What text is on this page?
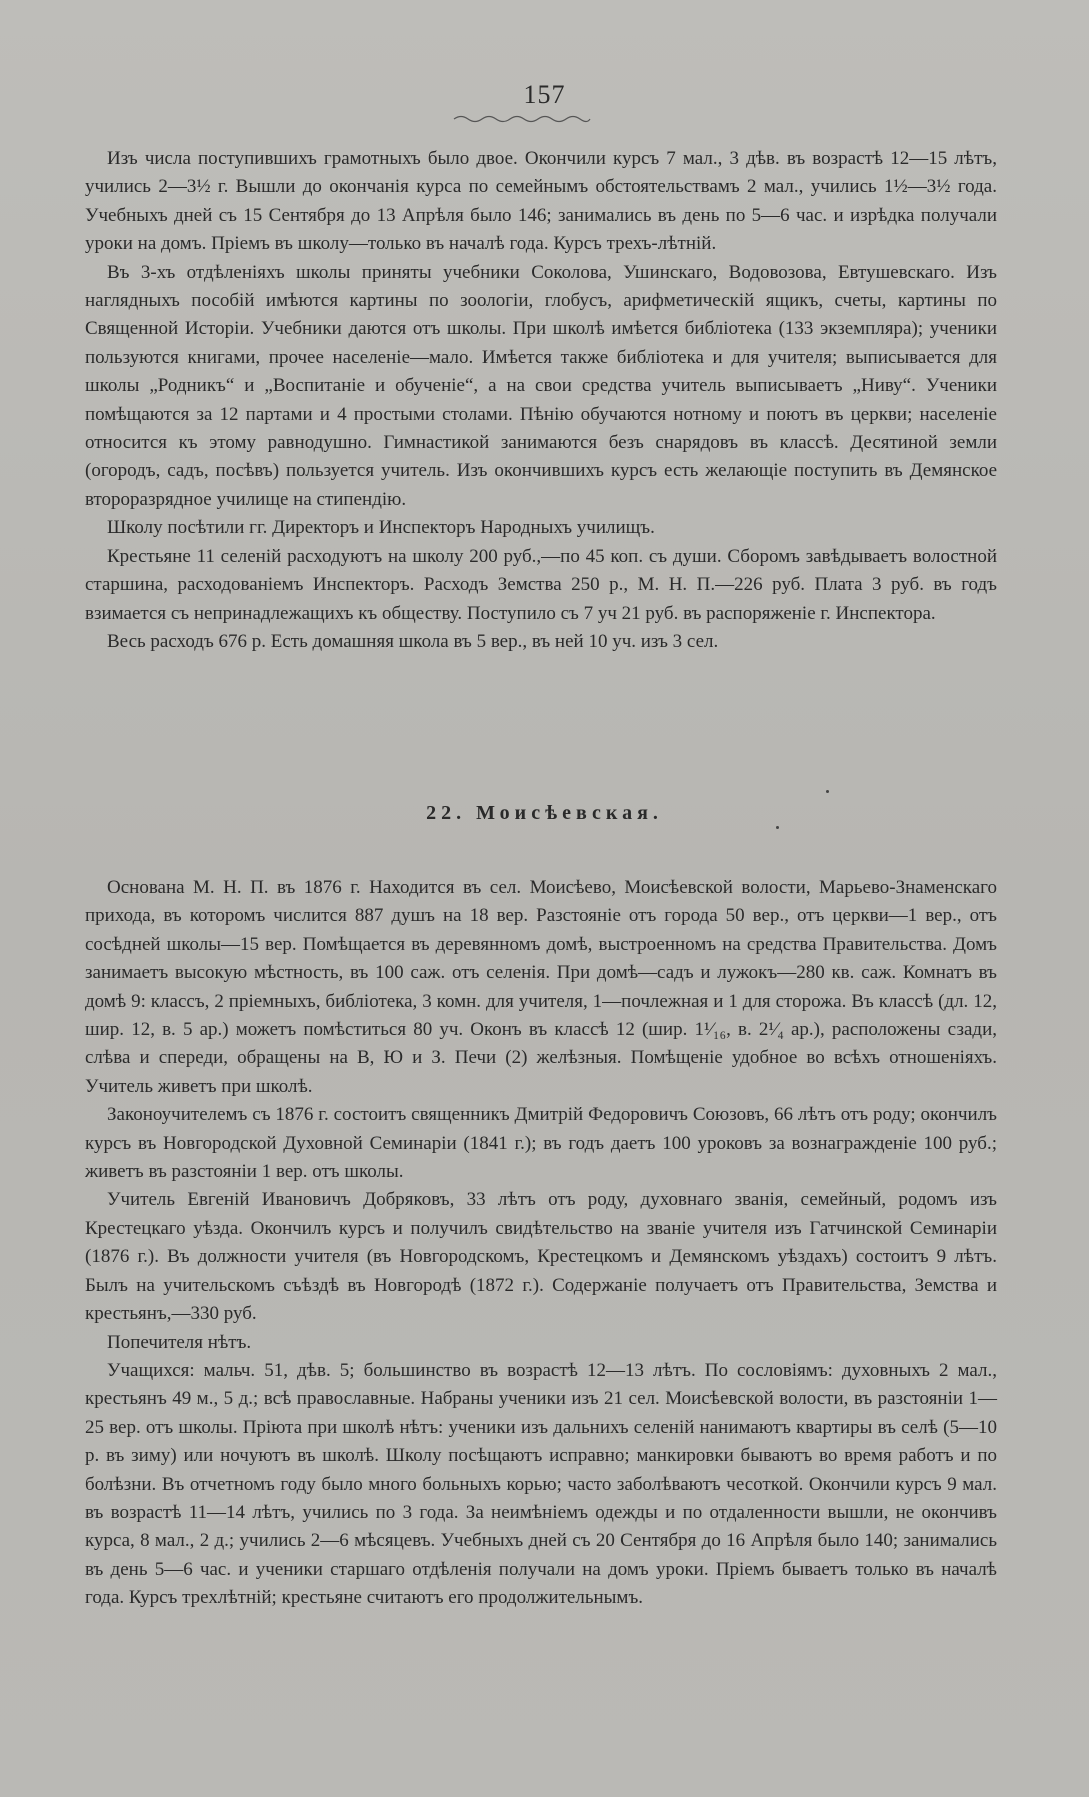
157

Изъ числа поступившихъ грамотныхъ было двое. Окончили курсъ 7 мал., 3 дѣв. въ возрастѣ 12—15 лѣтъ, учились 2—3½ г. Вышли до окончанія курса по семейнымъ обстоятельствамъ 2 мал., учились 1½—3½ года. Учебныхъ дней съ 15 Сентября до 13 Апрѣля было 146; занимались въ день по 5—6 час. и изрѣдка получали уроки на домъ. Пріемъ въ школу—только въ началѣ года. Курсъ трехъ-лѣтній.

Въ 3-хъ отдѣленіяхъ школы приняты учебники Соколова, Ушинскаго, Водовозова, Евтушевскаго. Изъ наглядныхъ пособій имѣются картины по зоологіи, глобусъ, арифметическій ящикъ, счеты, картины по Священной Исторіи. Учебники даются отъ школы. При школѣ имѣется библіотека (133 экземпляра); ученики пользуются книгами, прочее населеніе—мало. Имѣется также библіотека и для учителя; выписывается для школы „Родникъ“ и „Воспитаніе и обученіе“, а на свои средства учитель выписываетъ „Ниву“. Ученики помѣщаются за 12 партами и 4 простыми столами. Пѣнію обучаются нотному и поютъ въ церкви; населеніе относится къ этому равнодушно. Гимнастикой занимаются безъ снарядовъ въ классѣ. Десятиной земли (огородъ, садъ, посѣвъ) пользуется учитель. Изъ окончившихъ курсъ есть желающіе поступить въ Демянское второразрядное училище на стипендію.

Школу посѣтили гг. Директоръ и Инспекторъ Народныхъ училищъ.

Крестьяне 11 селеній расходуютъ на школу 200 руб.,—по 45 коп. съ души. Сборомъ завѣдываетъ волостной старшина, расходованіемъ Инспекторъ. Расходъ Земства 250 р., М. Н. П.—226 руб. Плата 3 руб. въ годъ взимается съ непринадлежащихъ къ обществу. Поступило съ 7 уч 21 руб. въ распоряженіе г. Инспектора.

Весь расходъ 676 р. Есть домашняя школа въ 5 вер., въ ней 10 уч. изъ 3 сел.

22. Моисѣевская.

Основана М. Н. П. въ 1876 г. Находится въ сел. Моисѣево, Моисѣевской волости, Марьево-Знаменскаго прихода, въ которомъ числится 887 душъ на 18 вер. Разстояніе отъ города 50 вер., отъ церкви—1 вер., отъ сосѣдней школы—15 вер. Помѣщается въ деревянномъ домѣ, выстроенномъ на средства Правительства. Домъ занимаетъ высокую мѣстность, въ 100 саж. отъ селенія. При домѣ—садъ и лужокъ—280 кв. саж. Комнатъ въ домѣ 9: классъ, 2 пріемныхъ, библіотека, 3 комн. для учителя, 1—почлежная и 1 для сторожа. Въ классѣ (дл. 12, шир. 12, в. 5 ар.) можетъ помѣститься 80 уч. Оконъ въ классѣ 12 (шир. 1¹⁄₁₆, в. 2¹⁄₄ ар.), расположены сзади, слѣва и спереди, обращены на В, Ю и З. Печи (2) желѣзныя. Помѣщеніе удобное во всѣхъ отношеніяхъ. Учитель живетъ при школѣ.

Законоучителемъ съ 1876 г. состоитъ священникъ Дмитрій Федоровичъ Союзовъ, 66 лѣтъ отъ роду; окончилъ курсъ въ Новгородской Духовной Семинаріи (1841 г.); въ годъ даетъ 100 уроковъ за вознагражденіе 100 руб.; живетъ въ разстояніи 1 вер. отъ школы.

Учитель Евгеній Ивановичъ Добряковъ, 33 лѣтъ отъ роду, духовнаго званія, семейный, родомъ изъ Крестецкаго уѣзда. Окончилъ курсъ и получилъ свидѣтельство на званіе учителя изъ Гатчинской Семинаріи (1876 г.). Въ должности учителя (въ Новгородскомъ, Крестецкомъ и Демянскомъ уѣздахъ) состоитъ 9 лѣтъ. Былъ на учительскомъ съѣздѣ въ Новгородѣ (1872 г.). Содержаніе получаетъ отъ Правительства, Земства и крестьянъ,—330 руб.

Попечителя нѣтъ.

Учащихся: мальч. 51, дѣв. 5; большинство въ возрастѣ 12—13 лѣтъ. По сословіямъ: духовныхъ 2 мал., крестьянъ 49 м., 5 д.; всѣ православные. Набраны ученики изъ 21 сел. Моисѣевской волости, въ разстояніи 1—25 вер. отъ школы. Пріюта при школѣ нѣтъ: ученики изъ дальнихъ селеній нанимаютъ квартиры въ селѣ (5—10 р. въ зиму) или ночуютъ въ школѣ. Школу посѣщаютъ исправно; манкировки бываютъ во время работъ и по болѣзни. Въ отчетномъ году было много больныхъ корью; часто заболѣваютъ чесоткой. Окончили курсъ 9 мал. въ возрастѣ 11—14 лѣтъ, учились по 3 года. За неимѣніемъ одежды и по отдаленности вышли, не окончивъ курса, 8 мал., 2 д.; учились 2—6 мѣсяцевъ. Учебныхъ дней съ 20 Сентября до 16 Апрѣля было 140; занимались въ день 5—6 час. и ученики старшаго отдѣленія получали на домъ уроки. Пріемъ бываетъ только въ началѣ года. Курсъ трехлѣтній; крестьяне считаютъ его продолжительнымъ.
